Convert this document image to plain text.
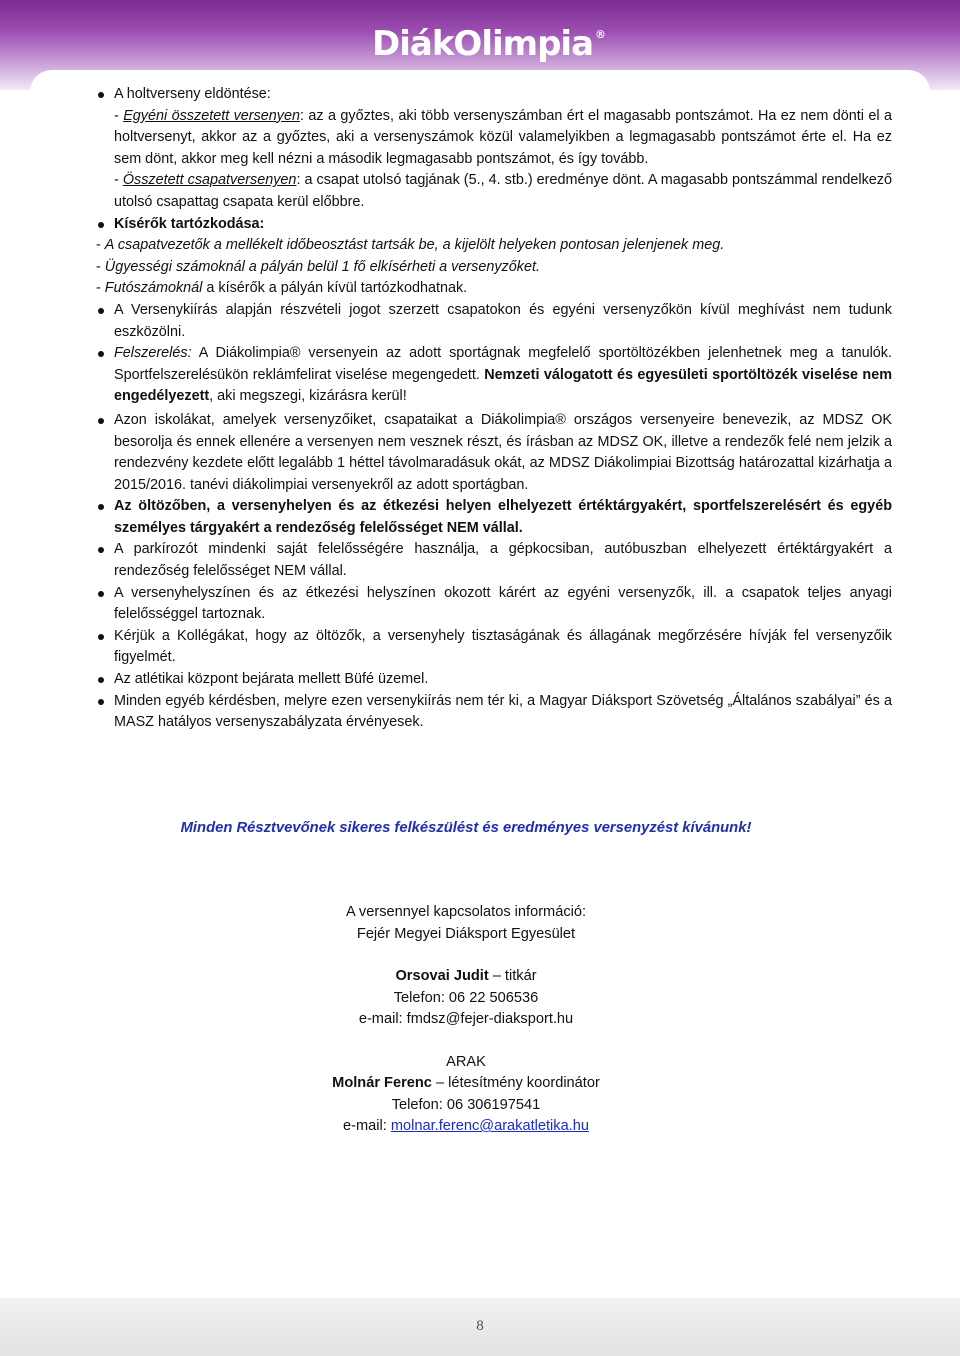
DiákOlimpia ®
A holtverseny eldöntése:
- Egyéni összetett versenyen: az a győztes, aki több versenyszámban ért el magasabb pontszámot. Ha ez nem dönti el a holtversenyt, akkor az a győztes, aki a versenyszámok közül valamelyikben a legmagasabb pontszámot érte el. Ha ez sem dönt, akkor meg kell nézni a második legmagasabb pontszámot, és így tovább.
- Összetett csapatversenyen: a csapat utolsó tagjának (5., 4. stb.) eredménye dönt. A magasabb pontszámmal rendelkező utolsó csapattag csapata kerül előbbre.
Kísérők tartózkodása:
- A csapatvezetők a mellékelt időbeosztást tartsák be, a kijelölt helyeken pontosan jelenjenek meg.
- Ügyességi számoknál a pályán belül 1 fő elkísérheti a versenyzőket.
- Futószámoknál a kísérők a pályán kívül tartózkodhatnak.
A Versenykiírás alapján részvételi jogot szerzett csapatokon és egyéni versenyzőkön kívül meghívást nem tudunk eszközölni.
Felszerelés: A Diákolimpia® versenyein az adott sportágnak megfelelő sportöltözékben jelenhetnek meg a tanulók. Sportfelszerelésükön reklámfelirat viselése megengedett. Nemzeti válogatott és egyesületi sportöltözék viselése nem engedélyezett, aki megszegi, kizárásra kerül!
Azon iskolákat, amelyek versenyzőiket, csapataikat a Diákolimpia® országos versenyeire benevezik, az MDSZ OK besorolja és ennek ellenére a versenyen nem vesznek részt, és írásban az MDSZ OK, illetve a rendezők felé nem jelzik a rendezvény kezdete előtt legalább 1 héttel távolmaradásuk okát, az MDSZ Diákolimpiai Bizottság határozattal kizárhatja a 2015/2016. tanévi diákolimpiai versenyekről az adott sportágban.
Az öltözőben, a versenyhelyen és az étkezési helyen elhelyezett értéktárgyakért, sportfelszerelésért és egyéb személyes tárgyakért a rendezőség felelősséget NEM vállal.
A parkírozót mindenki saját felelősségére használja, a gépkocsiban, autóbuszban elhelyezett értéktárgyakért a rendezőség felelősséget NEM vállal.
A versenyhelyszínen és az étkezési helyszínen okozott kárért az egyéni versenyzők, ill. a csapatok teljes anyagi felelősséggel tartoznak.
Kérjük a Kollégákat, hogy az öltözők, a versenyhely tisztaságának és állagának megőrzésére hívják fel versenyzőik figyelmét.
Az atlétikai központ bejárata mellett Büfé üzemel.
Minden egyéb kérdésben, melyre ezen versenykiírás nem tér ki, a Magyar Diáksport Szövetség „Általános szabályai” és a MASZ hatályos versenyszabályzata érvényesek.
Minden Résztvevőnek sikeres felkészülést és eredményes versenyzést kívánunk!
A versennyel kapcsolatos információ:
Fejér Megyei Diáksport Egyesület
Orsovai Judit – titkár
Telefon: 06 22 506536
e-mail: fmdsz@fejer-diaksport.hu
ARAK
Molnár Ferenc – létesítmény koordinátor
Telefon: 06 306197541
e-mail: molnar.ferenc@arakatletika.hu
8
